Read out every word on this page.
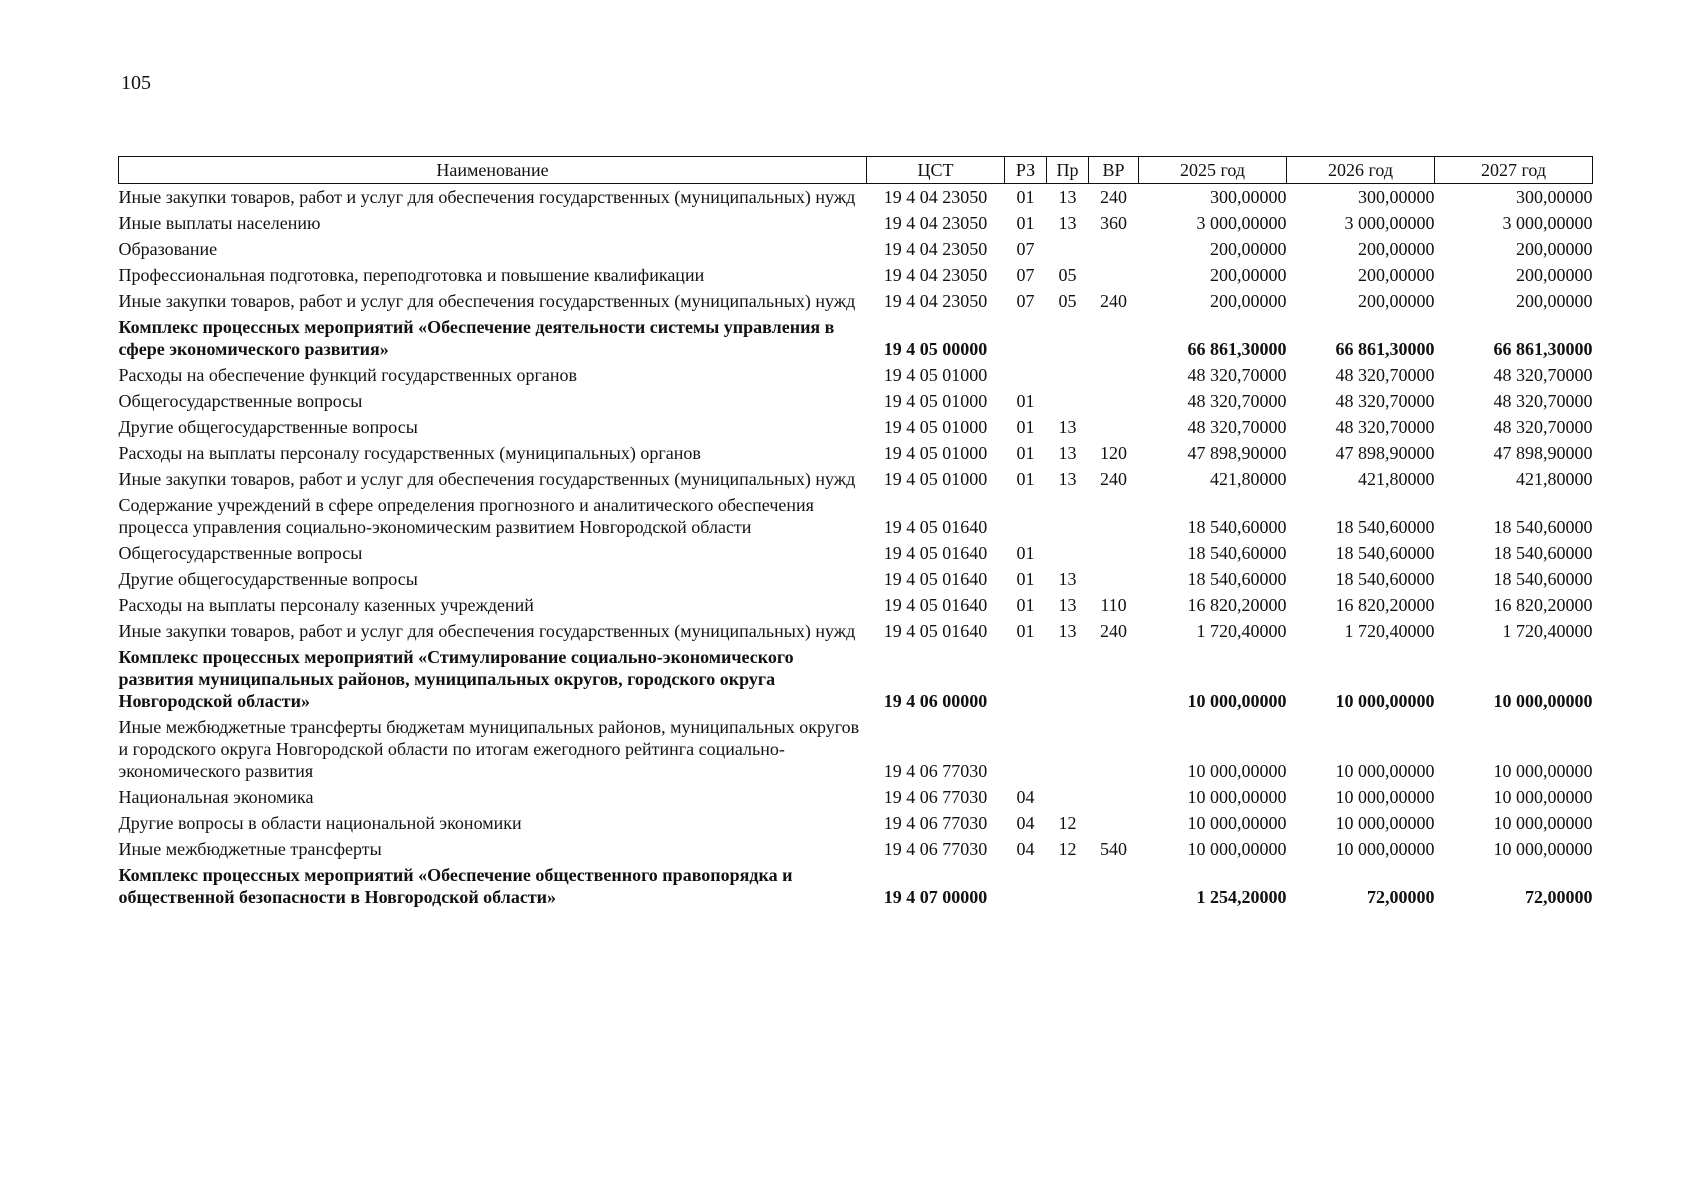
105
Наименование	ЦСТ	РЗ	Пр	ВР	2025 год	2026 год	2027 год
Иные закупки товаров, работ и услуг для обеспечения государственных (муниципальных) нужд	19 4 04 23050	01	13	240	300,00000	300,00000	300,00000
Иные выплаты населению	19 4 04 23050	01	13	360	3 000,00000	3 000,00000	3 000,00000
Образование	19 4 04 23050	07			200,00000	200,00000	200,00000
Профессиональная подготовка, переподготовка и повышение квалификации	19 4 04 23050	07	05		200,00000	200,00000	200,00000
Иные закупки товаров, работ и услуг для обеспечения государственных (муниципальных) нужд	19 4 04 23050	07	05	240	200,00000	200,00000	200,00000
Комплекс процессных мероприятий «Обеспечение деятельности системы управления в сфере экономического развития»	19 4 05 00000				66 861,30000	66 861,30000	66 861,30000
Расходы на обеспечение функций государственных органов	19 4 05 01000				48 320,70000	48 320,70000	48 320,70000
Общегосударственные вопросы	19 4 05 01000	01			48 320,70000	48 320,70000	48 320,70000
Другие общегосударственные вопросы	19 4 05 01000	01	13		48 320,70000	48 320,70000	48 320,70000
Расходы на выплаты персоналу государственных (муниципальных) органов	19 4 05 01000	01	13	120	47 898,90000	47 898,90000	47 898,90000
Иные закупки товаров, работ и услуг для обеспечения государственных (муниципальных) нужд	19 4 05 01000	01	13	240	421,80000	421,80000	421,80000
Содержание учреждений в сфере определения прогнозного и аналитического обеспечения процесса управления социально-экономическим развитием Новгородской области	19 4 05 01640				18 540,60000	18 540,60000	18 540,60000
Общегосударственные вопросы	19 4 05 01640	01			18 540,60000	18 540,60000	18 540,60000
Другие общегосударственные вопросы	19 4 05 01640	01	13		18 540,60000	18 540,60000	18 540,60000
Расходы на выплаты персоналу казенных учреждений	19 4 05 01640	01	13	110	16 820,20000	16 820,20000	16 820,20000
Иные закупки товаров, работ и услуг для обеспечения государственных (муниципальных) нужд	19 4 05 01640	01	13	240	1 720,40000	1 720,40000	1 720,40000
Комплекс процессных мероприятий «Стимулирование социально-экономического развития муниципальных районов, муниципальных округов, городского округа Новгородской области»	19 4 06 00000				10 000,00000	10 000,00000	10 000,00000
Иные межбюджетные трансферты бюджетам муниципальных районов, муниципальных округов и городского округа Новгородской области по итогам ежегодного рейтинга социально-экономического развития	19 4 06 77030				10 000,00000	10 000,00000	10 000,00000
Национальная экономика	19 4 06 77030	04			10 000,00000	10 000,00000	10 000,00000
Другие вопросы в области национальной экономики	19 4 06 77030	04	12		10 000,00000	10 000,00000	10 000,00000
Иные межбюджетные трансферты	19 4 06 77030	04	12	540	10 000,00000	10 000,00000	10 000,00000
Комплекс процессных мероприятий «Обеспечение общественного правопорядка и общественной безопасности в Новгородской области»	19 4 07 00000				1 254,20000	72,00000	72,00000
